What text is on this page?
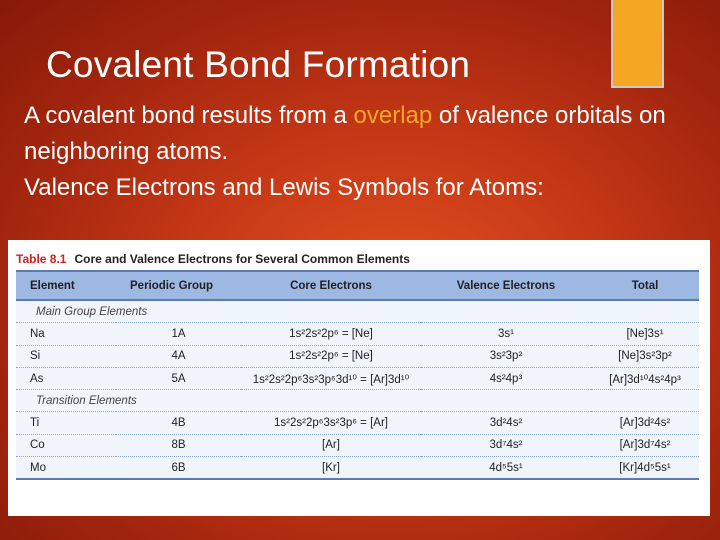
Covalent Bond Formation

A covalent bond results from a overlap of valence orbitals on neighboring atoms.

Valence Electrons and Lewis Symbols for Atoms:

Table 8.1 Core and Valence Electrons for Several Common Elements
Element	Periodic Group	Core Electrons	Valence Electrons	Total
Main Group Elements				
Na	1A	1s²2s²2p⁶ = [Ne]	3s¹	[Ne]3s¹
Si	4A	1s²2s²2p⁶ = [Ne]	3s²3p²	[Ne]3s²3p²
As	5A	1s²2s²2p⁶3s²3p⁶3d¹⁰ = [Ar]3d¹⁰	4s²4p³	[Ar]3d¹⁰4s²4p³
Transition Elements				
Ti	4B	1s²2s²2p⁶3s²3p⁶ = [Ar]	3d²4s²	[Ar]3d²4s²
Co	8B	[Ar]	3d⁷4s²	[Ar]3d⁷4s²
Mo	6B	[Kr]	4d⁵5s¹	[Kr]4d⁵5s¹
